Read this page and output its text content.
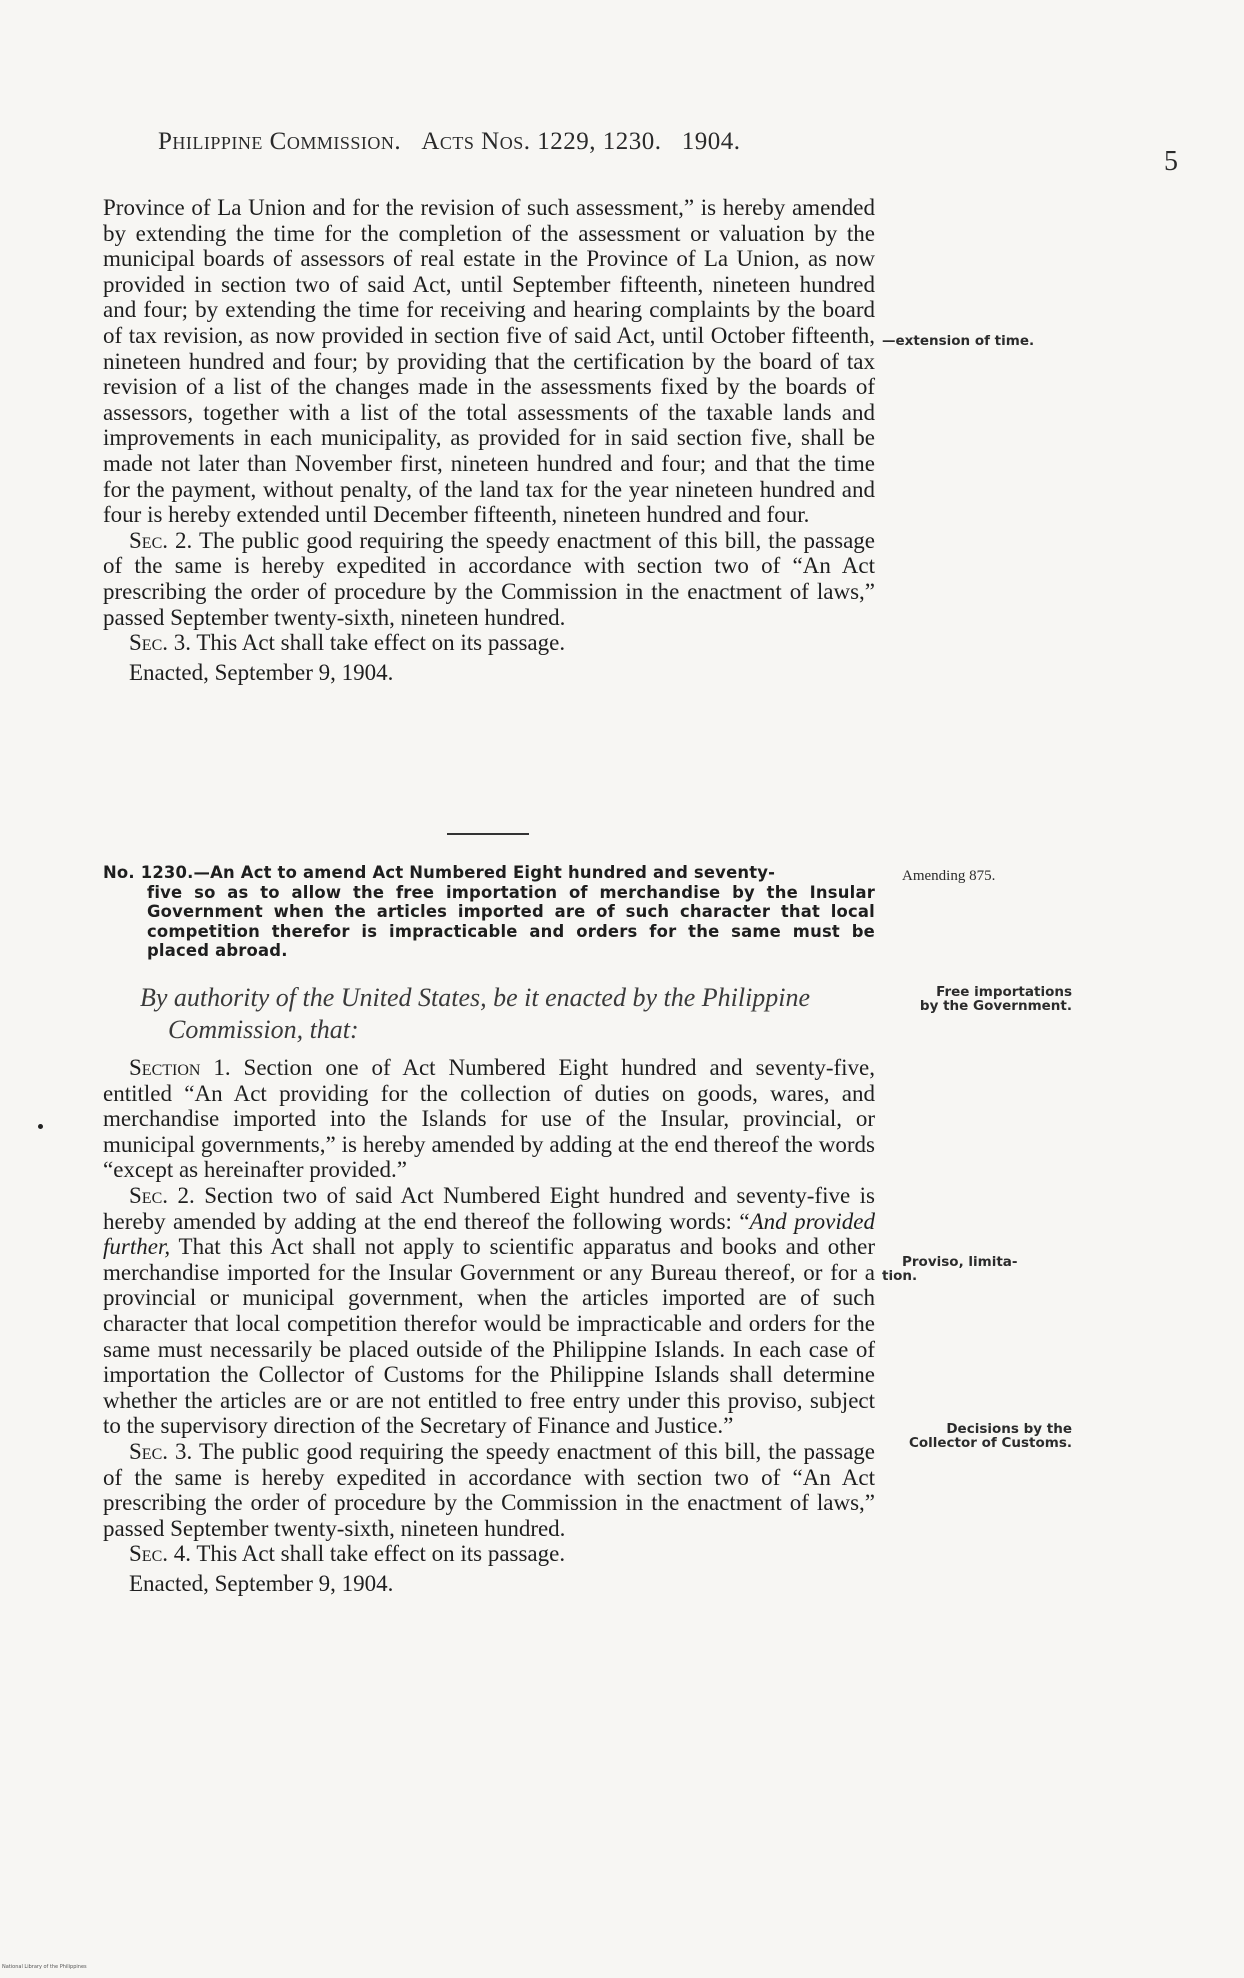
Philippine Commission. Acts Nos. 1229, 1230. 1904.
5

Province of La Union and for the revision of such assessment,” is hereby amended by extending the time for the completion of the assessment or valuation by the municipal boards of assessors of real estate in the Province of La Union, as now provided in section two of said Act, until September fifteenth, nineteen hundred and four; by extending the time for receiving and hearing complaints by the board of tax revision, as now provided in section five of said Act, until October fifteenth, nineteen hundred and four; by providing that the certification by the board of tax revision of a list of the changes made in the assessments fixed by the boards of assessors, together with a list of the total assessments of the taxable lands and improvements in each municipality, as provided for in said section five, shall be made not later than November first, nineteen hundred and four; and that the time for the payment, without penalty, of the land tax for the year nineteen hundred and four is hereby extended until December fifteenth, nineteen hundred and four.

Sec. 2. The public good requiring the speedy enactment of this bill, the passage of the same is hereby expedited in accordance with section two of “An Act prescribing the order of procedure by the Commission in the enactment of laws,” passed September twenty-sixth, nineteen hundred.

Sec. 3. This Act shall take effect on its passage.

Enacted, September 9, 1904.

No. 1230.—An Act to amend Act Numbered Eight hundred and seventy-
five so as to allow the free importation of merchandise by the Insular Government when the articles imported are of such character that local competition therefor is impracticable and orders for the same must be placed abroad.
By authority of the United States, be it enacted by the Philippine
Commission, that:

Section 1. Section one of Act Numbered Eight hundred and seventy-five, entitled “An Act providing for the collection of duties on goods, wares, and merchandise imported into the Islands for use of the Insular, provincial, or municipal governments,” is hereby amended by adding at the end thereof the words “except as hereinafter provided.”

Sec. 2. Section two of said Act Numbered Eight hundred and seventy-five is hereby amended by adding at the end thereof the following words: “And provided further, That this Act shall not apply to scientific apparatus and books and other merchandise imported for the Insular Government or any Bureau thereof, or for a provincial or municipal government, when the articles imported are of such character that local competition therefor would be impracticable and orders for the same must necessarily be placed outside of the Philippine Islands. In each case of importation the Collector of Customs for the Philippine Islands shall determine whether the articles are or are not entitled to free entry under this proviso, subject to the supervisory direction of the Secretary of Finance and Justice.”

Sec. 3. The public good requiring the speedy enactment of this bill, the passage of the same is hereby expedited in accordance with section two of “An Act prescribing the order of procedure by the Commission in the enactment of laws,” passed September twenty-sixth, nineteen hundred.

Sec. 4. This Act shall take effect on its passage.

Enacted, September 9, 1904.

—extension of time.
Amending 875.
Free importations
by the Government.
Proviso, limita-
tion.
Decisions by the
Collector of Customs.
National Library of the Philippines
